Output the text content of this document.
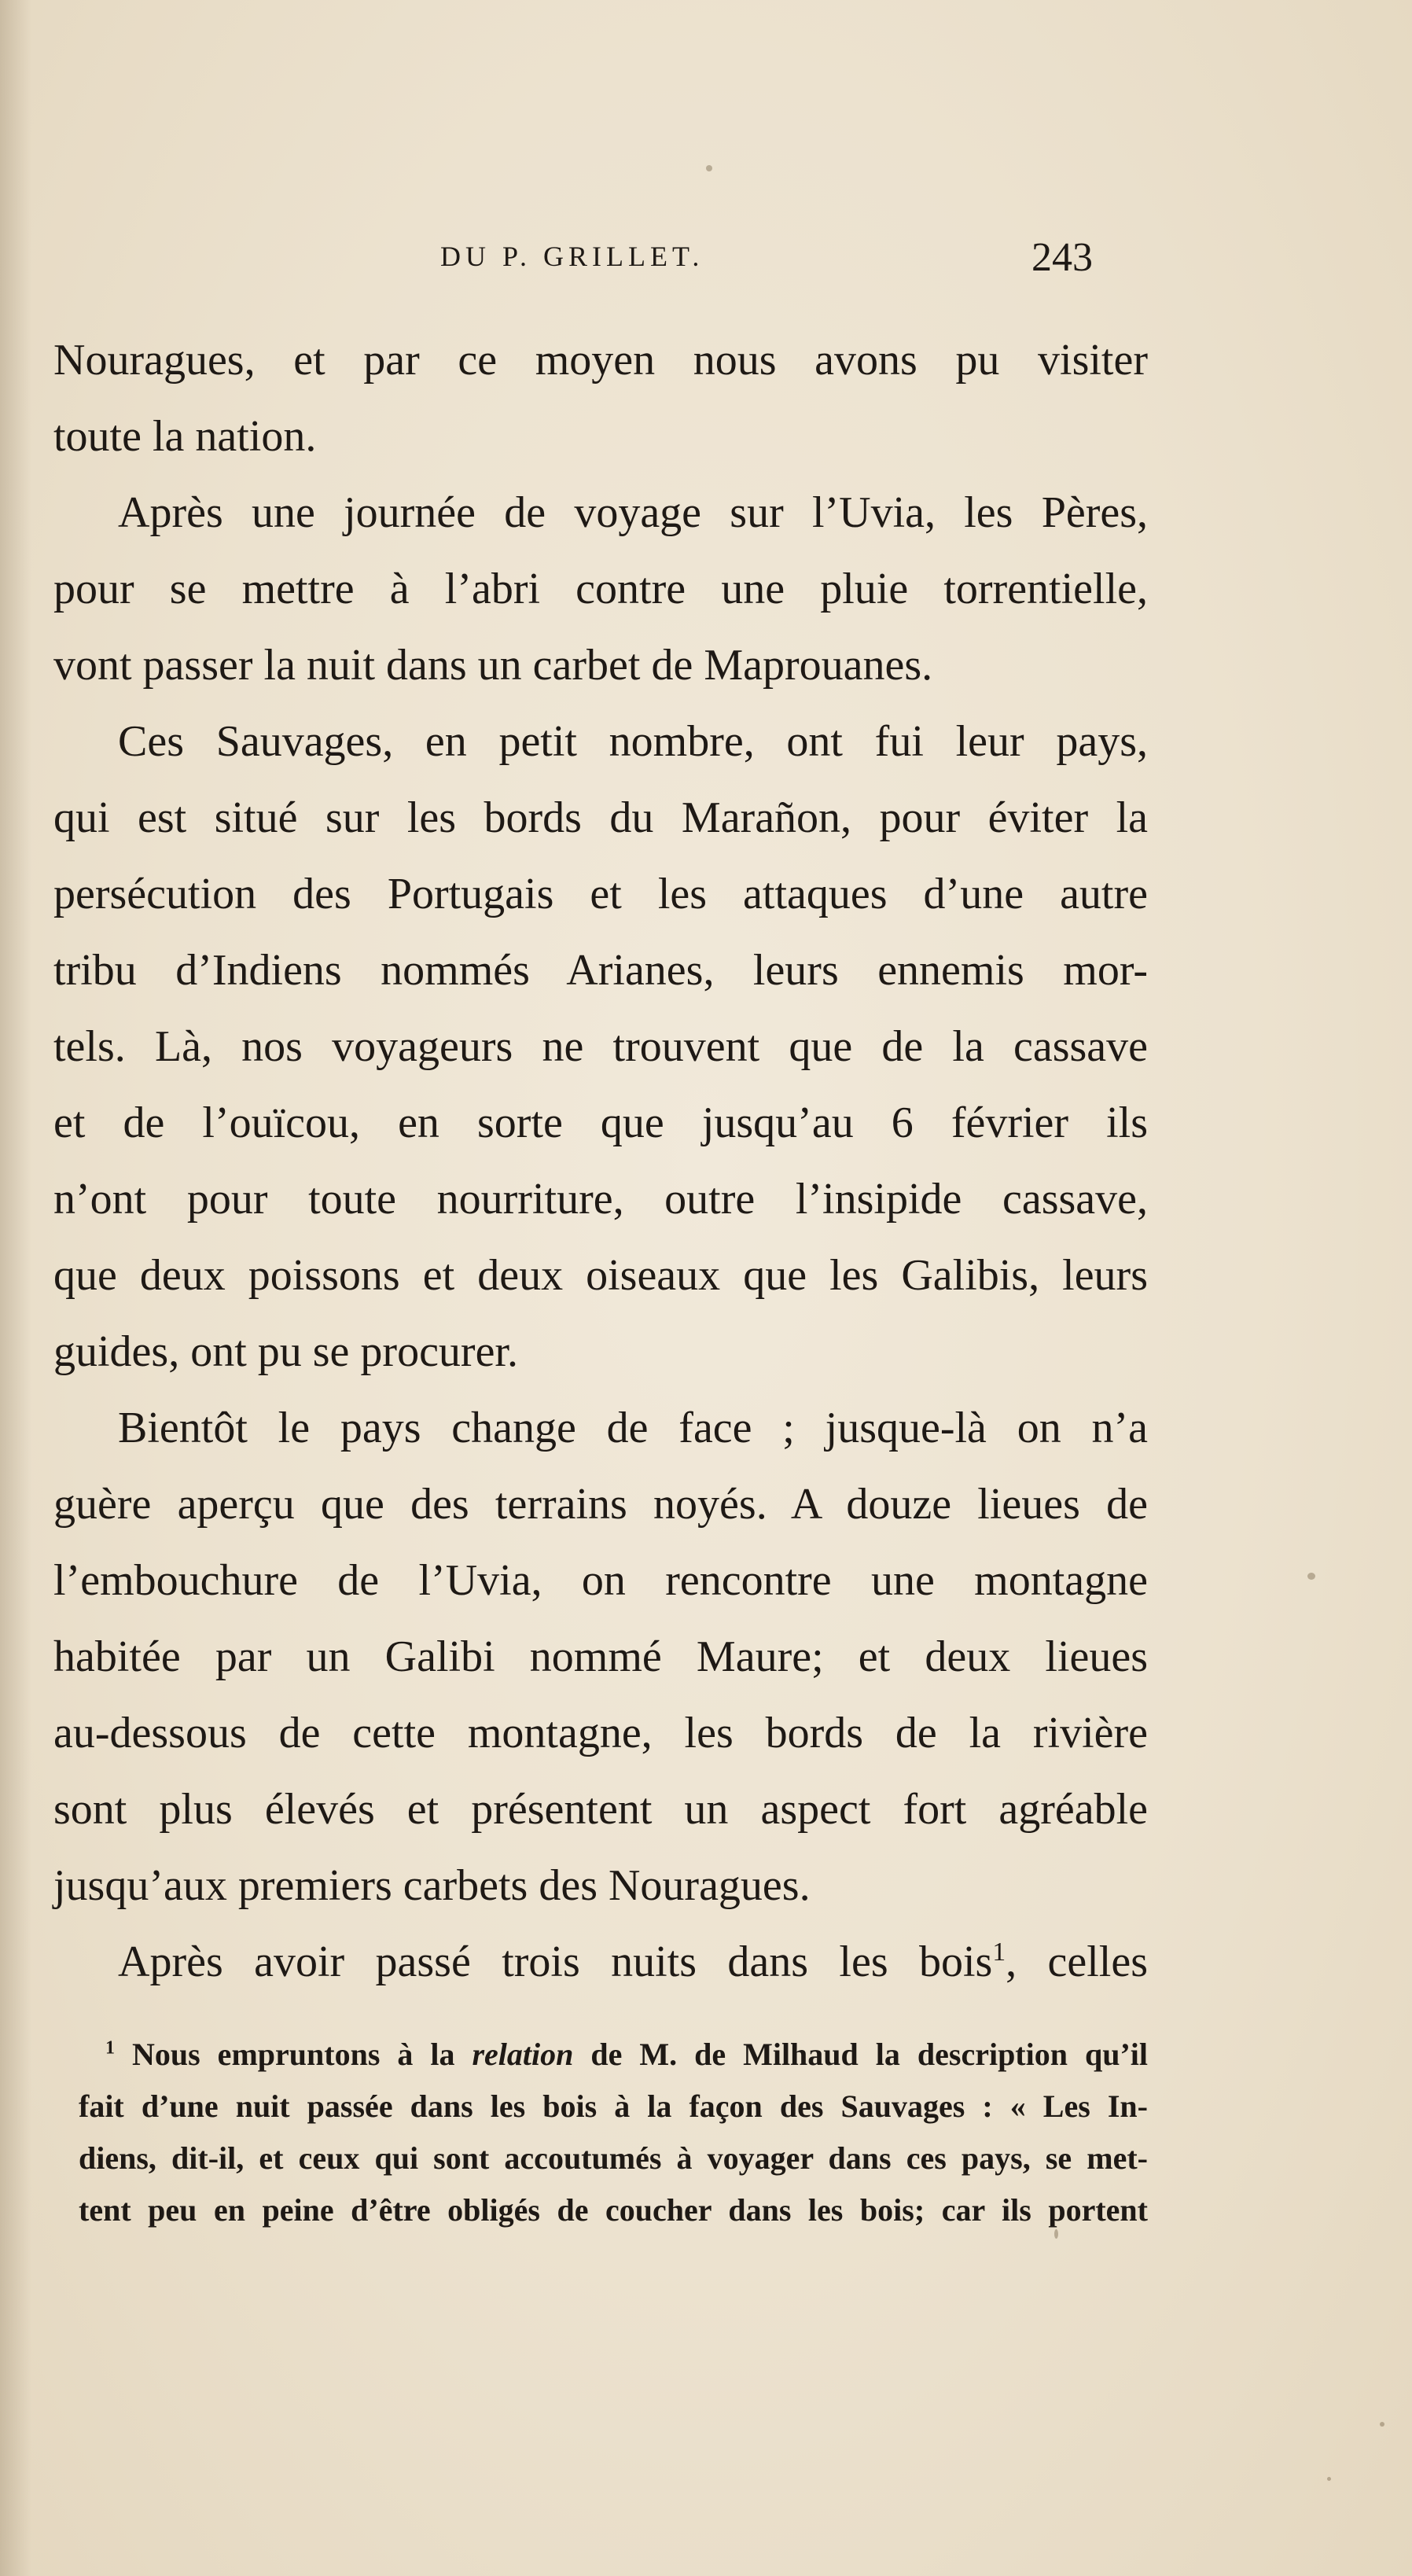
DU P. GRILLET.	243
Nouragues, et par ce moyen nous avons pu visiter
toute la nation.
Après une journée de voyage sur l’Uvia, les Pères,
pour se mettre à l’abri contre une pluie torrentielle,
vont passer la nuit dans un carbet de Maprouanes.
Ces Sauvages, en petit nombre, ont fui leur pays,
qui est situé sur les bords du Marañon, pour éviter la
persécution des Portugais et les attaques d’une autre
tribu d’Indiens nommés Arianes, leurs ennemis mor-
tels. Là, nos voyageurs ne trouvent que de la cassave
et de l’ouïcou, en sorte que jusqu’au 6 février ils
n’ont pour toute nourriture, outre l’insipide cassave,
que deux poissons et deux oiseaux que les Galibis, leurs
guides, ont pu se procurer.
Bientôt le pays change de face ; jusque-là on n’a
guère aperçu que des terrains noyés. A douze lieues de
l’embouchure de l’Uvia, on rencontre une montagne
habitée par un Galibi nommé Maure; et deux lieues
au-dessous de cette montagne, les bords de la rivière
sont plus élevés et présentent un aspect fort agréable
jusqu’aux premiers carbets des Nouragues.
Après avoir passé trois nuits dans les bois$^1$, celles
$^1$ Nous empruntons à la relation de M. de Milhaud la description qu’il
fait d’une nuit passée dans les bois à la façon des Sauvages : « Les In-
diens, dit-il, et ceux qui sont accoutumés à voyager dans ces pays, se met-
tent peu en peine d’être obligés de coucher dans les bois; car ils portent
